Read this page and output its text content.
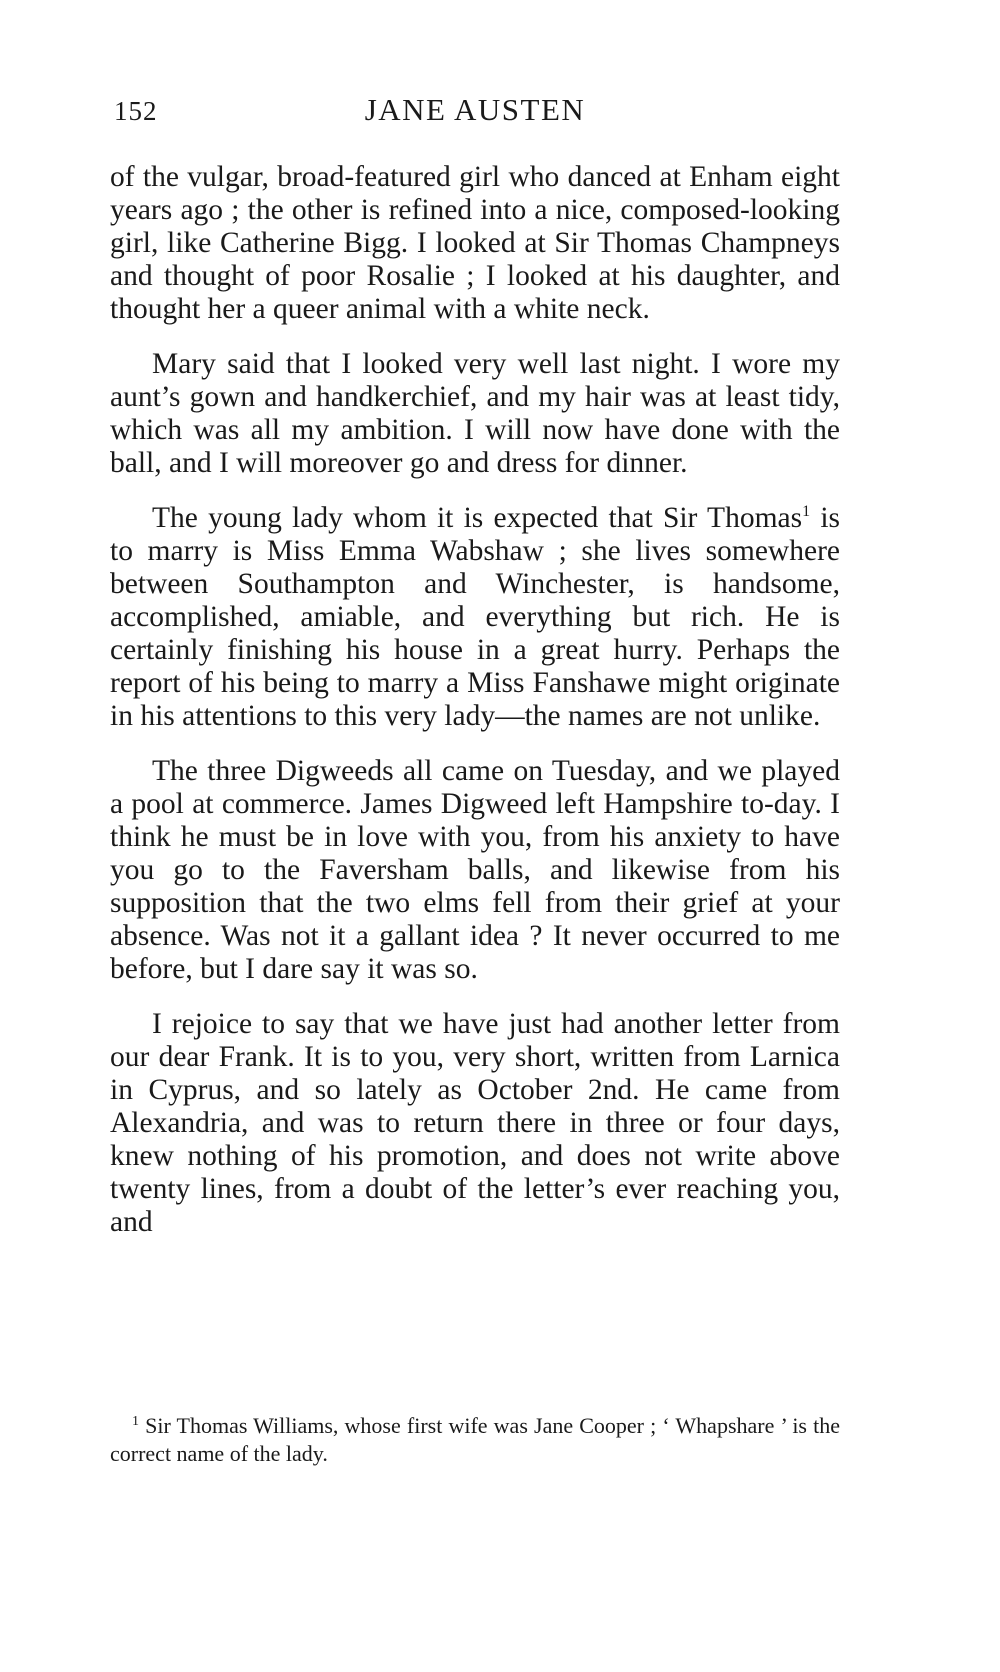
152	JANE AUSTEN

of the vulgar, broad-featured girl who danced at Enham eight years ago ; the other is refined into a nice, composed-looking girl, like Catherine Bigg. I looked at Sir Thomas Champneys and thought of poor Rosalie ; I looked at his daughter, and thought her a queer animal with a white neck.

Mary said that I looked very well last night. I wore my aunt’s gown and handkerchief, and my hair was at least tidy, which was all my ambition. I will now have done with the ball, and I will moreover go and dress for dinner.

The young lady whom it is expected that Sir Thomas$^1$ is to marry is Miss Emma Wabshaw ; she lives somewhere between Southampton and Winchester, is handsome, accomplished, amiable, and everything but rich. He is certainly finishing his house in a great hurry. Perhaps the report of his being to marry a Miss Fanshawe might originate in his attentions to this very lady—the names are not unlike.

The three Digweeds all came on Tuesday, and we played a pool at commerce. James Digweed left Hampshire to-day. I think he must be in love with you, from his anxiety to have you go to the Faversham balls, and likewise from his supposition that the two elms fell from their grief at your absence. Was not it a gallant idea ? It never occurred to me before, but I dare say it was so.

I rejoice to say that we have just had another letter from our dear Frank. It is to you, very short, written from Larnica in Cyprus, and so lately as October 2nd. He came from Alexandria, and was to return there in three or four days, knew nothing of his promotion, and does not write above twenty lines, from a doubt of the letter’s ever reaching you, and

$^1$ Sir Thomas Williams, whose first wife was Jane Cooper ; ‘ Whapshare ’ is the correct name of the lady.
